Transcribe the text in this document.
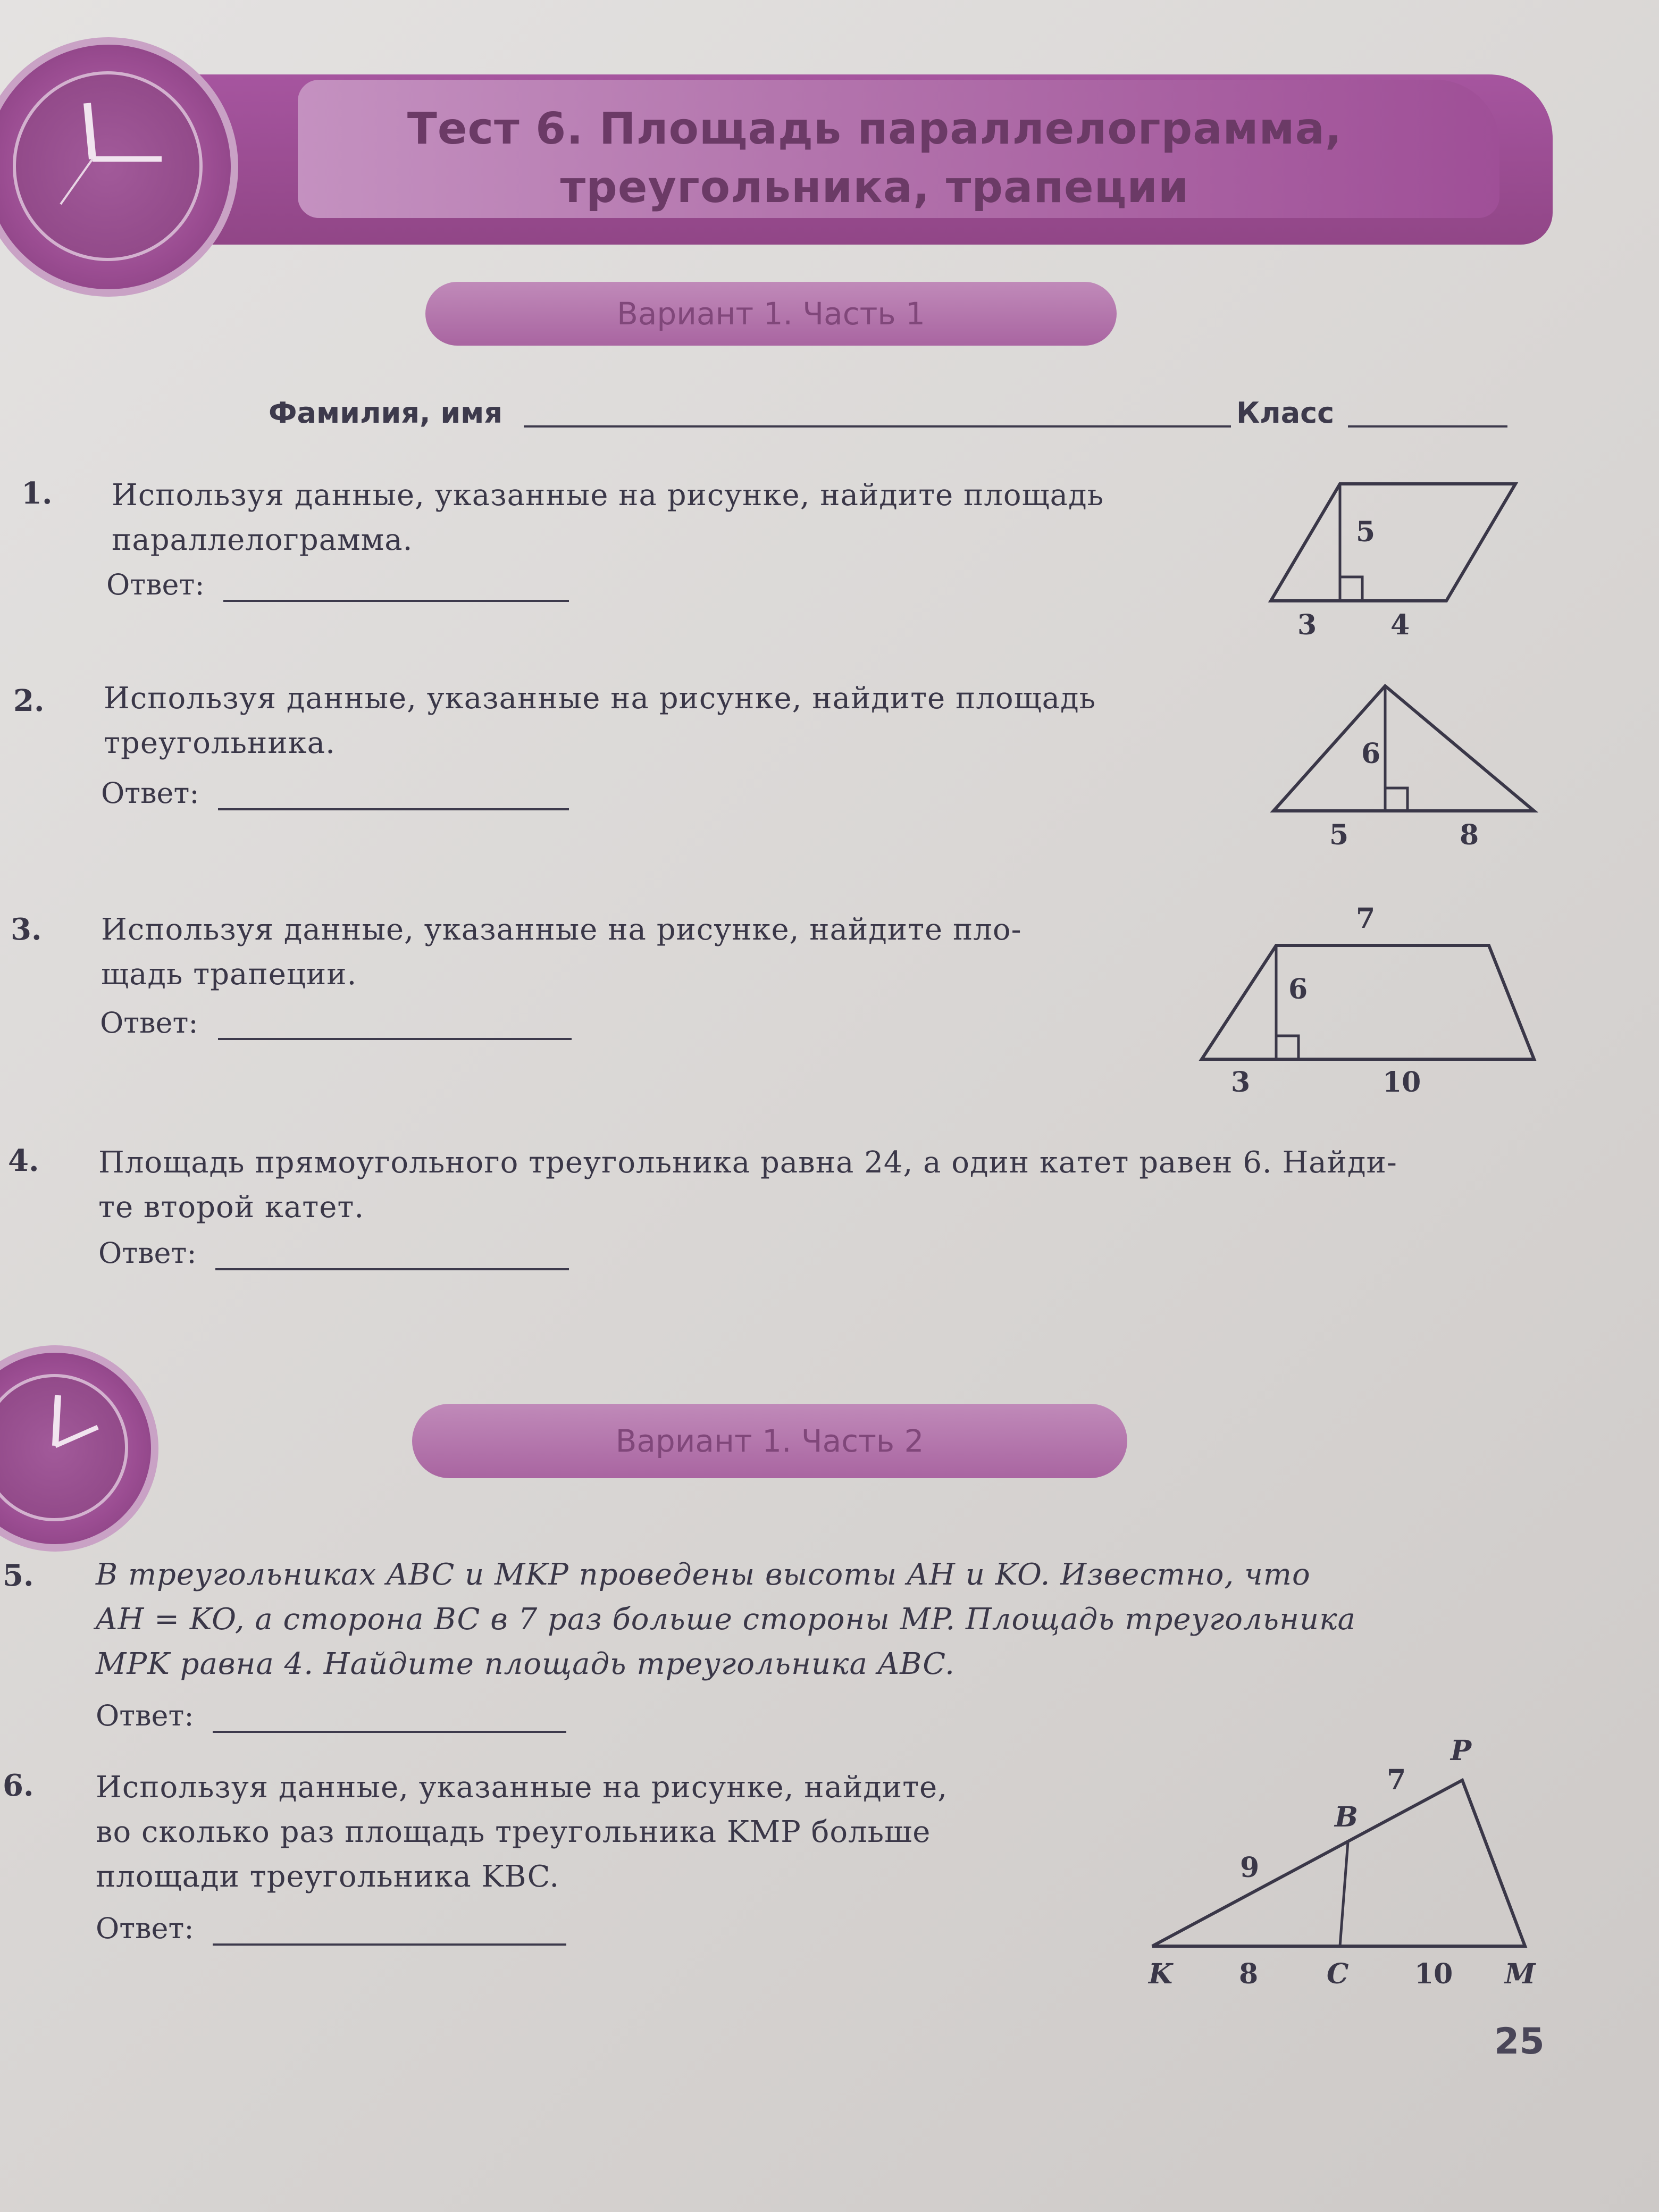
Тест 6. Площадь параллелограмма,
треугольника, трапеции
Вариант 1. Часть 1
Фамилия, имя	Класс
1. Используя данные, указанные на рисунке, найдите площадь
параллелограмма.
Ответ:
5
3	4
2. Используя данные, указанные на рисунке, найдите площадь
треугольника.
Ответ:
6
5	8
3. Используя данные, указанные на рисунке, найдите пло-
щадь трапеции.
Ответ:
7
6
3	10
4. Площадь прямоугольного треугольника равна 24, а один катет равен 6. Найди-
те второй катет.
Ответ:
Вариант 1. Часть 2
5. В треугольниках ABC и MKP проведены высоты AH и KO. Известно, что
AH = KO, а сторона BC в 7 раз больше стороны MP. Площадь треугольника
MPK равна 4. Найдите площадь треугольника ABC.
Ответ:
6. Используя данные, указанные на рисунке, найдите,
во сколько раз площадь треугольника KMP больше
площади треугольника KBC.
Ответ:
P
7
B
9
K 8 C 10 M
25
